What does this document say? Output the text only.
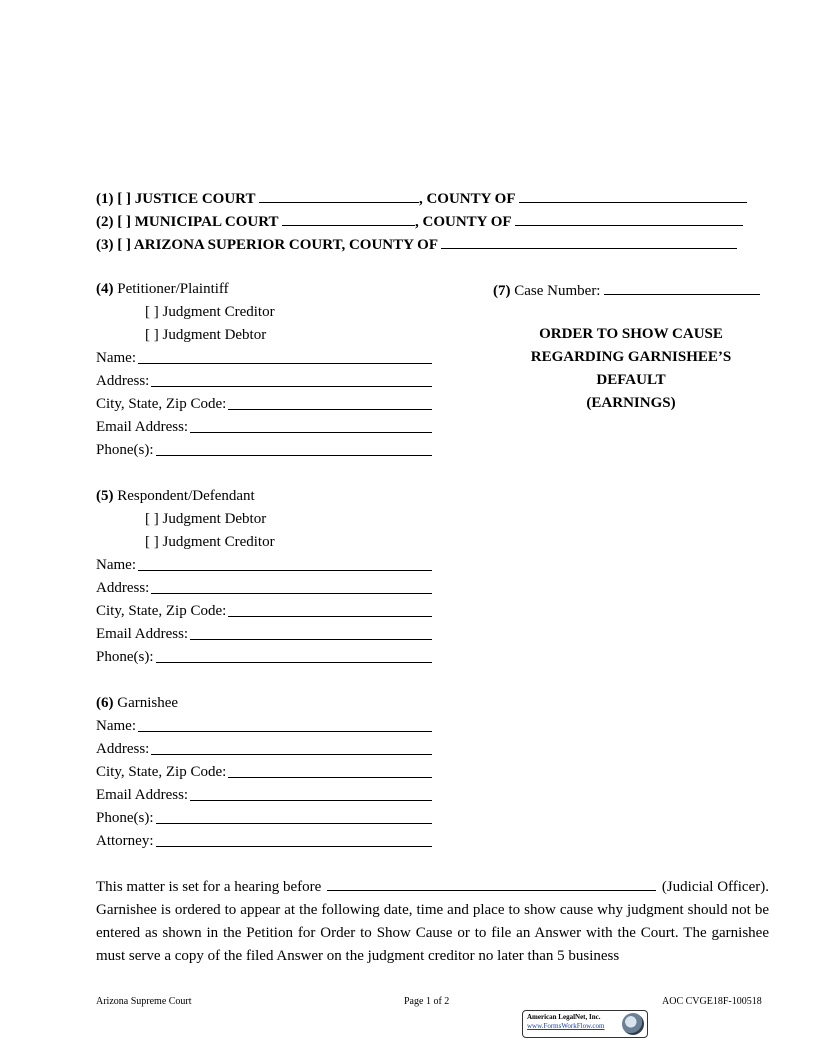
(1) [ ] JUSTICE COURT	, COUNTY OF
(2) [ ] MUNICIPAL COURT	, COUNTY OF
(3) [ ] ARIZONA SUPERIOR COURT, COUNTY OF
(4) Petitioner/Plaintiff
[ ] Judgment Creditor
[ ] Judgment Debtor
Name:
Address:
City, State, Zip Code:
Email Address:
Phone(s):
(7) Case Number:
ORDER TO SHOW CAUSE
REGARDING GARNISHEE’S
DEFAULT
(EARNINGS)
(5) Respondent/Defendant
[ ] Judgment Debtor
[ ] Judgment Creditor
Name:
Address:
City, State, Zip Code:
Email Address:
Phone(s):
(6) Garnishee
Name:
Address:
City, State, Zip Code:
Email Address:
Phone(s):
Attorney:
This matter is set for a hearing before	(Judicial Officer).
Garnishee is ordered to appear at the following date, time and place to show cause why judgment should not be entered as shown in the Petition for Order to Show Cause or to file an Answer with the Court. The garnishee must serve a copy of the filed Answer on the judgment creditor no later than 5 business
Arizona Supreme Court	Page 1 of 2	AOC CVGE18F-100518
American LegalNet, Inc.
www.FormsWorkFlow.com
